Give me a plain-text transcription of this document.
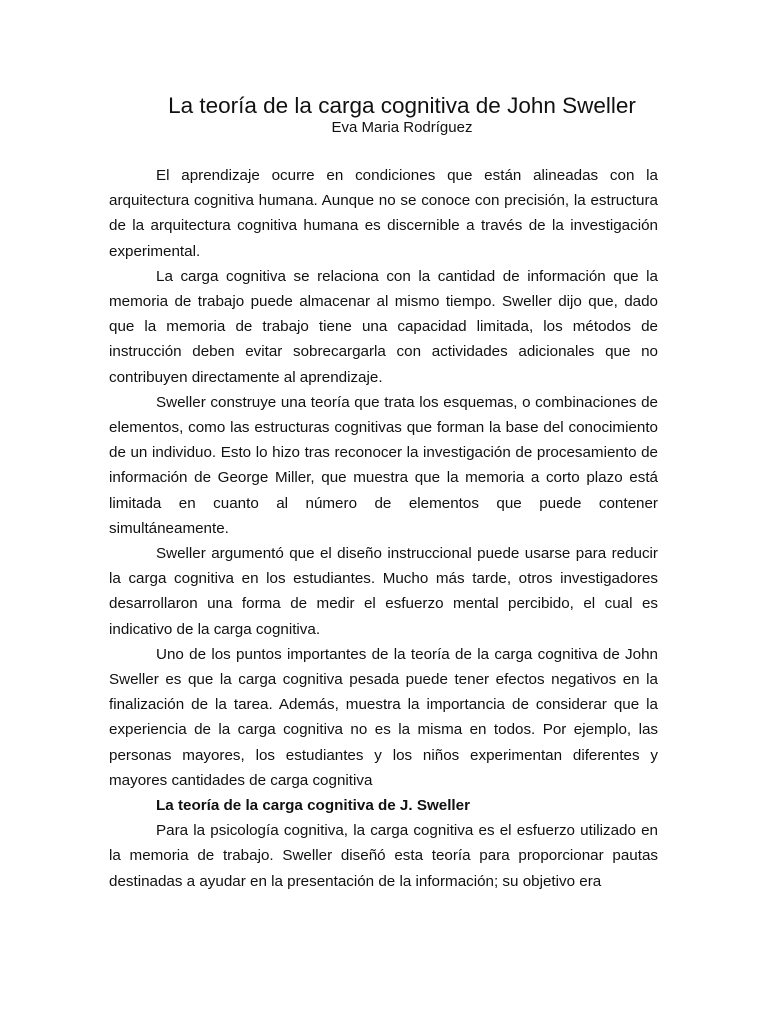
La teoría de la carga cognitiva de John Sweller
Eva Maria Rodríguez

El aprendizaje ocurre en condiciones que están alineadas con la arquitectura cognitiva humana. Aunque no se conoce con precisión, la estructura de la arquitectura cognitiva humana es discernible a través de la investigación experimental.

La carga cognitiva se relaciona con la cantidad de información que la memoria de trabajo puede almacenar al mismo tiempo. Sweller dijo que, dado que la memoria de trabajo tiene una capacidad limitada, los métodos de instrucción deben evitar sobrecargarla con actividades adicionales que no contribuyen directamente al aprendizaje.

Sweller construye una teoría que trata los esquemas, o combinaciones de elementos, como las estructuras cognitivas que forman la base del conocimiento de un individuo. Esto lo hizo tras reconocer la investigación de procesamiento de información de George Miller, que muestra que la memoria a corto plazo está limitada en cuanto al número de elementos que puede contener simultáneamente.

Sweller argumentó que el diseño instruccional puede usarse para reducir la carga cognitiva en los estudiantes. Mucho más tarde, otros investigadores desarrollaron una forma de medir el esfuerzo mental percibido, el cual es indicativo de la carga cognitiva.

Uno de los puntos importantes de la teoría de la carga cognitiva de John Sweller es que la carga cognitiva pesada puede tener efectos negativos en la finalización de la tarea. Además, muestra la importancia de considerar que la experiencia de la carga cognitiva no es la misma en todos. Por ejemplo, las personas mayores, los estudiantes y los niños experimentan diferentes y mayores cantidades de carga cognitiva

La teoría de la carga cognitiva de J. Sweller

Para la psicología cognitiva, la carga cognitiva es el esfuerzo utilizado en la memoria de trabajo. Sweller diseñó esta teoría para proporcionar pautas destinadas a ayudar en la presentación de la información; su objetivo era
